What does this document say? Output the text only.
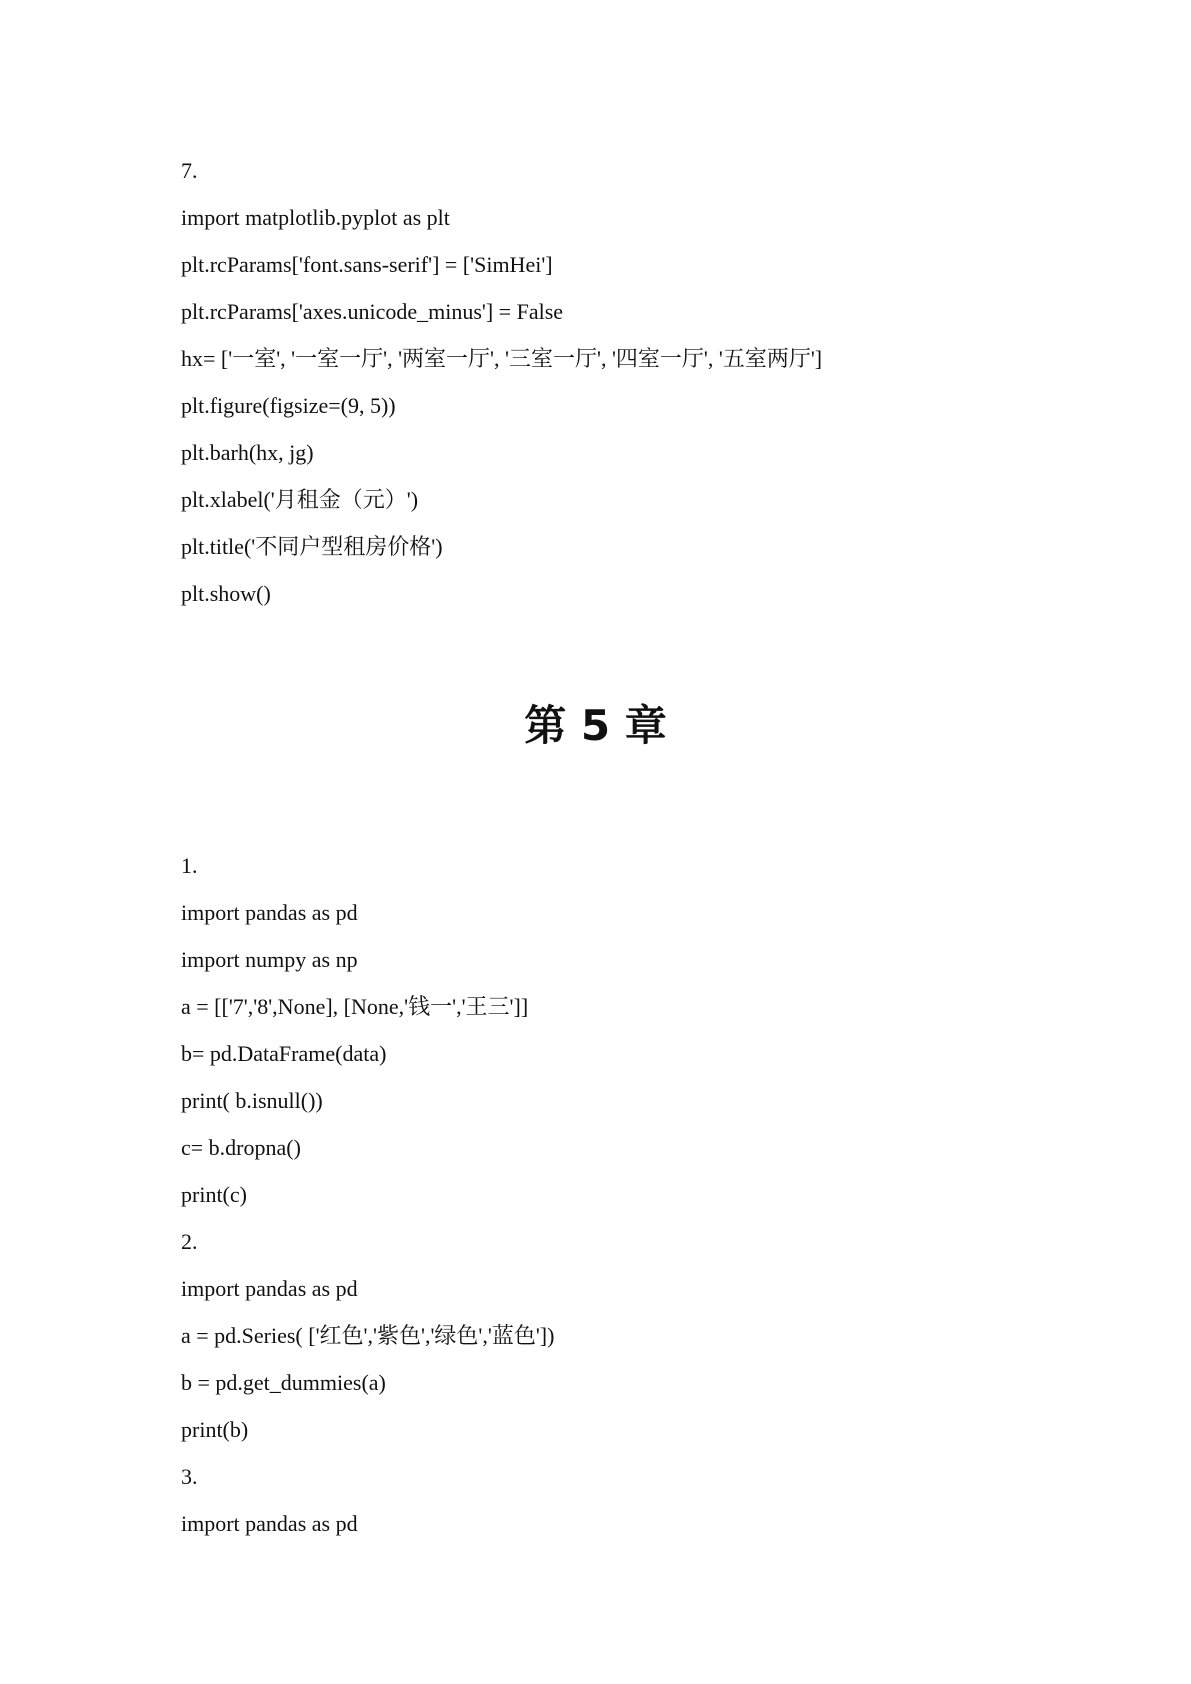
7.
import matplotlib.pyplot as plt
plt.rcParams['font.sans-serif'] = ['SimHei']
plt.rcParams['axes.unicode_minus'] = False
hx= ['一室', '一室一厅', '两室一厅', '三室一厅', '四室一厅', '五室两厅']
plt.figure(figsize=(9, 5))
plt.barh(hx, jg)
plt.xlabel('月租金（元）')
plt.title('不同户型租房价格')
plt.show()
第 5 章
1.
import pandas as pd
import numpy as np
a = [['7','8',None], [None,'钱一','王三']]
b= pd.DataFrame(data)
print( b.isnull())
c= b.dropna()
print(c)
2.
import pandas as pd
a = pd.Series( ['红色','紫色','绿色','蓝色'])
b = pd.get_dummies(a)
print(b)
3.
import pandas as pd
